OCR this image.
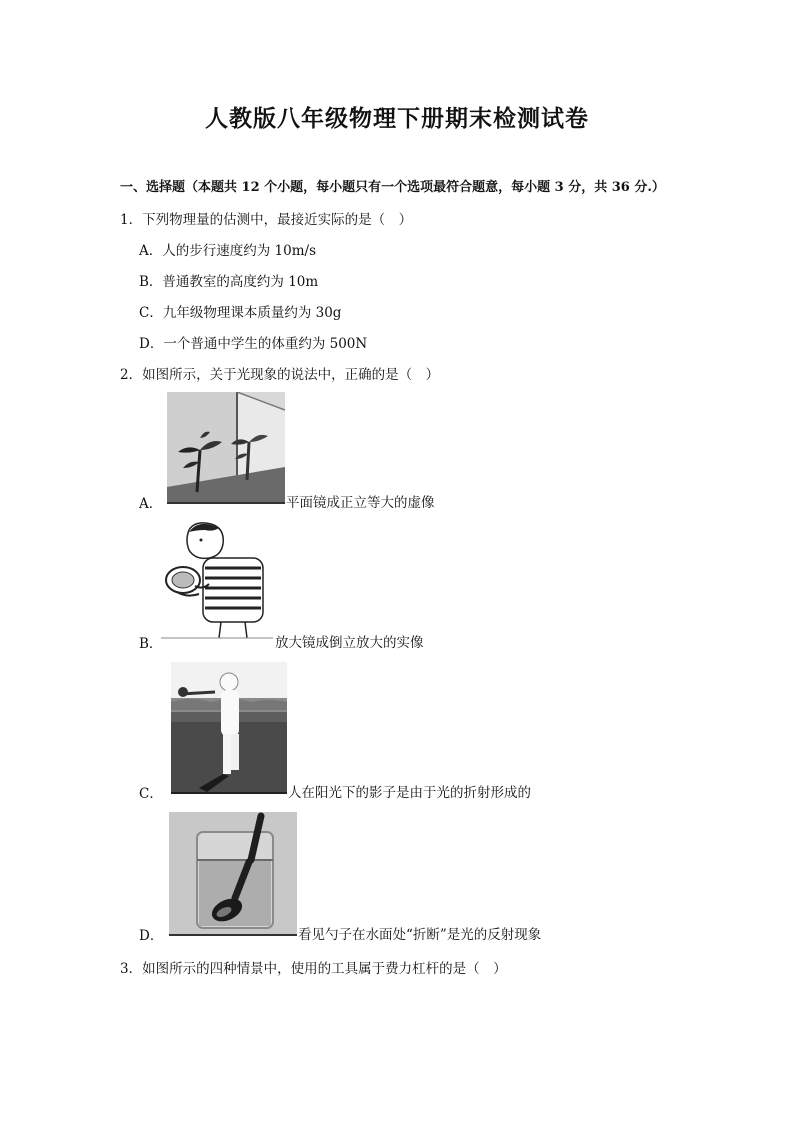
人教版八年级物理下册期末检测试卷
一、选择题（本题共 12 个小题，每小题只有一个选项最符合题意，每小题 3 分，共 36 分.）
1．下列物理量的估测中，最接近实际的是（　）
A．人的步行速度约为 10m/s
B．普通教室的高度约为 10m
C．九年级物理课本质量约为 30g
D．一个普通中学生的体重约为 500N
2．如图所示，关于光现象的说法中，正确的是（　）
A．	平面镜成正立等大的虚像
B．	放大镜成倒立放大的实像
C．	人在阳光下的影子是由于光的折射形成的
D．	看见勺子在水面处“折断”是光的反射现象
3．如图所示的四种情景中，使用的工具属于费力杠杆的是（　）
